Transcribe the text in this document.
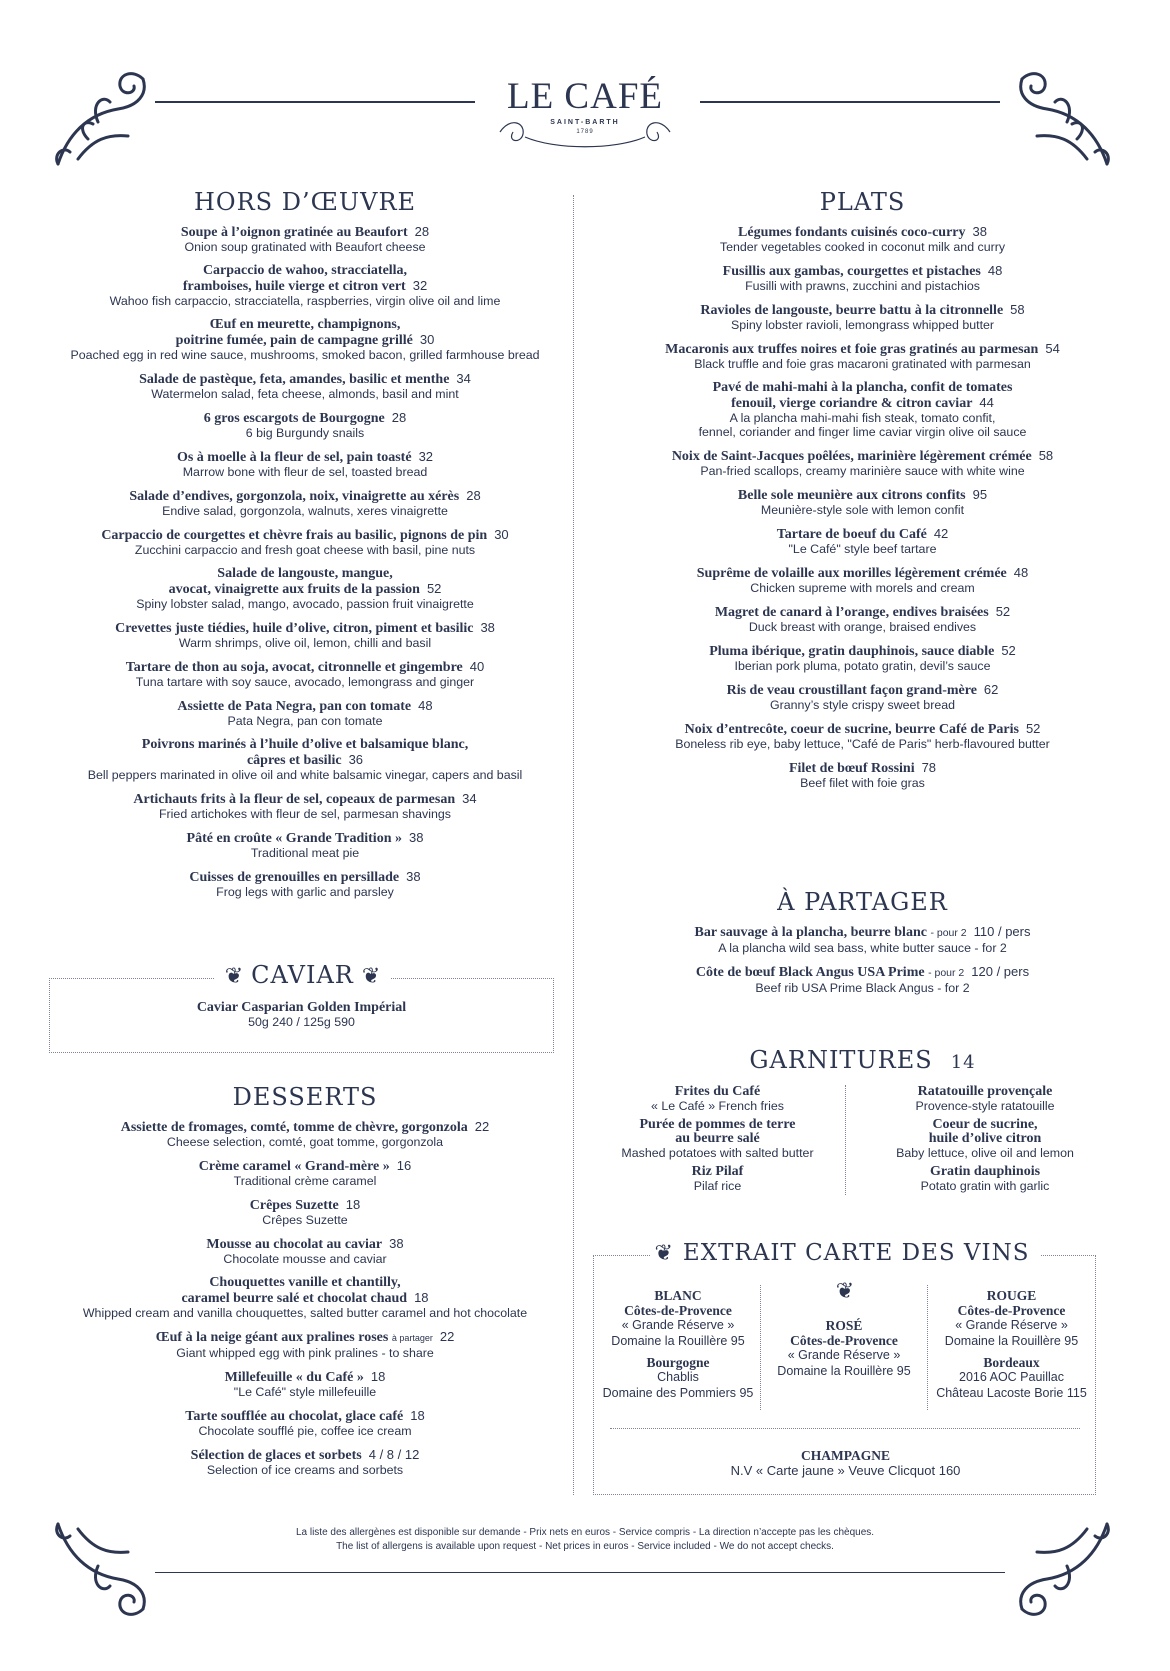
LE CAFÉ
SAINT-BARTH
1789
HORS D’ŒUVRE
Soupe à l’oignon gratinée au Beaufort 28
Onion soup gratinated with Beaufort cheese
Carpaccio de wahoo, stracciatella,
framboises, huile vierge et citron vert 32
Wahoo fish carpaccio, stracciatella, raspberries, virgin olive oil and lime
Œuf en meurette, champignons,
poitrine fumée, pain de campagne grillé 30
Poached egg in red wine sauce, mushrooms, smoked bacon, grilled farmhouse bread
Salade de pastèque, feta, amandes, basilic et menthe 34
Watermelon salad, feta cheese, almonds, basil and mint
6 gros escargots de Bourgogne 28
6 big Burgundy snails
Os à moelle à la fleur de sel, pain toasté 32
Marrow bone with fleur de sel, toasted bread
Salade d’endives, gorgonzola, noix, vinaigrette au xérès 28
Endive salad, gorgonzola, walnuts, xeres vinaigrette
Carpaccio de courgettes et chèvre frais au basilic, pignons de pin 30
Zucchini carpaccio and fresh goat cheese with basil, pine nuts
Salade de langouste, mangue,
avocat, vinaigrette aux fruits de la passion 52
Spiny lobster salad, mango, avocado, passion fruit vinaigrette
Crevettes juste tiédies, huile d’olive, citron, piment et basilic 38
Warm shrimps, olive oil, lemon, chilli and basil
Tartare de thon au soja, avocat, citronnelle et gingembre 40
Tuna tartare with soy sauce, avocado, lemongrass and ginger
Assiette de Pata Negra, pan con tomate 48
Pata Negra, pan con tomate
Poivrons marinés à l’huile d’olive et balsamique blanc,
câpres et basilic 36
Bell peppers marinated in olive oil and white balsamic vinegar, capers and basil
Artichauts frits à la fleur de sel, copeaux de parmesan 34
Fried artichokes with fleur de sel, parmesan shavings
Pâté en croûte « Grande Tradition » 38
Traditional meat pie
Cuisses de grenouilles en persillade 38
Frog legs with garlic and parsley
❦ CAVIAR ❦
Caviar Casparian Golden Impérial
50g 240 / 125g 590
DESSERTS
Assiette de fromages, comté, tomme de chèvre, gorgonzola 22
Cheese selection, comté, goat tomme, gorgonzola
Crème caramel « Grand-mère » 16
Traditional crème caramel
Crêpes Suzette 18
Crêpes Suzette
Mousse au chocolat au caviar 38
Chocolate mousse and caviar
Chouquettes vanille et chantilly,
caramel beurre salé et chocolat chaud 18
Whipped cream and vanilla chouquettes, salted butter caramel and hot chocolate
Œuf à la neige géant aux pralines roses à partager 22
Giant whipped egg with pink pralines - to share
Millefeuille « du Café » 18
"Le Café" style millefeuille
Tarte soufflée au chocolat, glace café 18
Chocolate soufflé pie, coffee ice cream
Sélection de glaces et sorbets 4 / 8 / 12
Selection of ice creams and sorbets
PLATS
Légumes fondants cuisinés coco-curry 38
Tender vegetables cooked in coconut milk and curry
Fusillis aux gambas, courgettes et pistaches 48
Fusilli with prawns, zucchini and pistachios
Ravioles de langouste, beurre battu à la citronnelle 58
Spiny lobster ravioli, lemongrass whipped butter
Macaronis aux truffes noires et foie gras gratinés au parmesan 54
Black truffle and foie gras macaroni gratinated with parmesan
Pavé de mahi-mahi à la plancha, confit de tomates
fenouil, vierge coriandre & citron caviar 44
A la plancha mahi-mahi fish steak, tomato confit,
fennel, coriander and finger lime caviar virgin olive oil sauce
Noix de Saint-Jacques poêlées, marinière légèrement crémée 58
Pan-fried scallops, creamy marinière sauce with white wine
Belle sole meunière aux citrons confits 95
Meunière-style sole with lemon confit
Tartare de boeuf du Café 42
"Le Café" style beef tartare
Suprême de volaille aux morilles légèrement crémée 48
Chicken supreme with morels and cream
Magret de canard à l’orange, endives braisées 52
Duck breast with orange, braised endives
Pluma ibérique, gratin dauphinois, sauce diable 52
Iberian pork pluma, potato gratin, devil’s sauce
Ris de veau croustillant façon grand-mère 62
Granny’s style crispy sweet bread
Noix d’entrecôte, coeur de sucrine, beurre Café de Paris 52
Boneless rib eye, baby lettuce, "Café de Paris" herb-flavoured butter
Filet de bœuf Rossini 78
Beef filet with foie gras
À PARTAGER
Bar sauvage à la plancha, beurre blanc - pour 2 110 / pers
A la plancha wild sea bass, white butter sauce - for 2
Côte de bœuf Black Angus USA Prime - pour 2 120 / pers
Beef rib USA Prime Black Angus - for 2
GARNITURES 14
Frites du Café
« Le Café » French fries
Purée de pommes de terre
au beurre salé
Mashed potatoes with salted butter
Riz Pilaf
Pilaf rice
Ratatouille provençale
Provence-style ratatouille
Coeur de sucrine,
huile d’olive citron
Baby lettuce, olive oil and lemon
Gratin dauphinois
Potato gratin with garlic
❦ EXTRAIT CARTE DES VINS ❦
BLANC
Côtes-de-Provence
« Grande Réserve »
Domaine la Rouillère 95
Bourgogne
Chablis
Domaine des Pommiers 95
ROSÉ
Côtes-de-Provence
« Grande Réserve »
Domaine la Rouillère 95
ROUGE
Côtes-de-Provence
« Grande Réserve »
Domaine la Rouillère 95
Bordeaux
2016 AOC Pauillac
Château Lacoste Borie 115
CHAMPAGNE
N.V « Carte jaune » Veuve Clicquot 160
La liste des allergènes est disponible sur demande - Prix nets en euros - Service compris - La direction n’accepte pas les chèques.
The list of allergens is available upon request - Net prices in euros - Service included - We do not accept checks.
